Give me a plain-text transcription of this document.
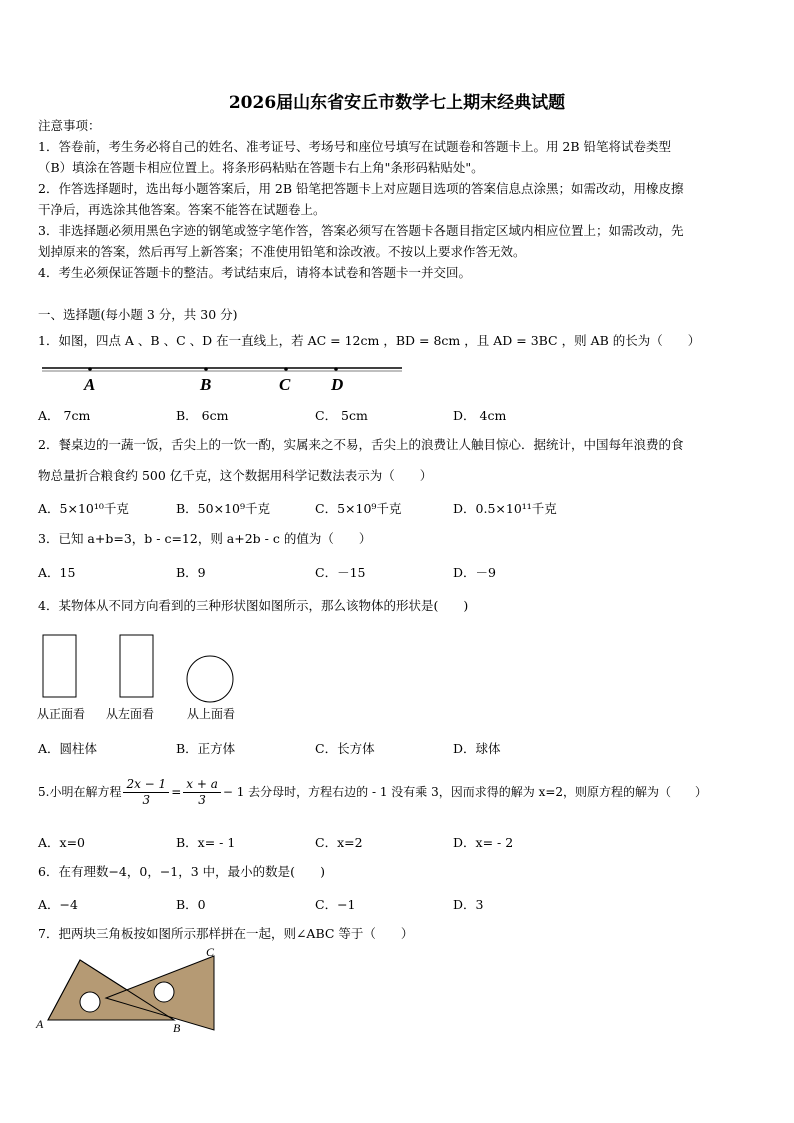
2026届山东省安丘市数学七上期末经典试题
注意事项：
1．答卷前，考生务必将自己的姓名、准考证号、考场号和座位号填写在试题卷和答题卡上。用 2B 铅笔将试卷类型
（B）填涂在答题卡相应位置上。将条形码粘贴在答题卡右上角"条形码粘贴处"。
2．作答选择题时，选出每小题答案后，用 2B 铅笔把答题卡上对应题目选项的答案信息点涂黑；如需改动，用橡皮擦
干净后，再选涂其他答案。答案不能答在试题卷上。
3．非选择题必须用黑色字迹的钢笔或签字笔作答，答案必须写在答题卡各题目指定区域内相应位置上；如需改动，先
划掉原来的答案，然后再写上新答案；不准使用铅笔和涂改液。不按以上要求作答无效。
4．考生必须保证答题卡的整洁。考试结束后，请将本试卷和答题卡一并交回。
一、选择题(每小题 3 分，共 30 分)
1．如图，四点 A 、B 、C 、D 在一直线上，若 AC = 12cm ，BD = 8cm ，且 AD = 3BC ，则 AB 的长为（　　）
A	B	C D
A． 7cm	B． 6cm	C． 5cm	D． 4cm
2．餐桌边的一蔬一饭，舌尖上的一饮一酌，实属来之不易，舌尖上的浪费让人触目惊心．据统计，中国每年浪费的食
物总量折合粮食约 500 亿千克，这个数据用科学记数法表示为（　　）
A．5×10¹⁰千克	B．50×10⁹千克	C．5×10⁹千克	D．0.5×10¹¹千克
3．已知 a+b=3，b - c=12，则 a+2b - c 的值为（　　）
A．15	B．9	C．－15	D．－9
4．某物体从不同方向看到的三种形状图如图所示，那么该物体的形状是(　　)
从正面看 从左面看	从上面看
A．圆柱体	B．正方体	C．长方体	D．球体
5.小明在解方程 $\frac{2x - 1}{3} = \frac{x + a}{3} - 1$ 去分母时，方程右边的 - 1 没有乘 3，因而求得的解为 x=2，则原方程的解为（　　）
A．x=0	B．x= - 1	C．x=2	D．x= - 2
6．在有理数−4，0，−1，3 中，最小的数是(　　)
A．−4	B．0	C．−1	D．3
7．把两块三角板按如图所示那样拼在一起，则∠ABC 等于（　　）
A	B
C
